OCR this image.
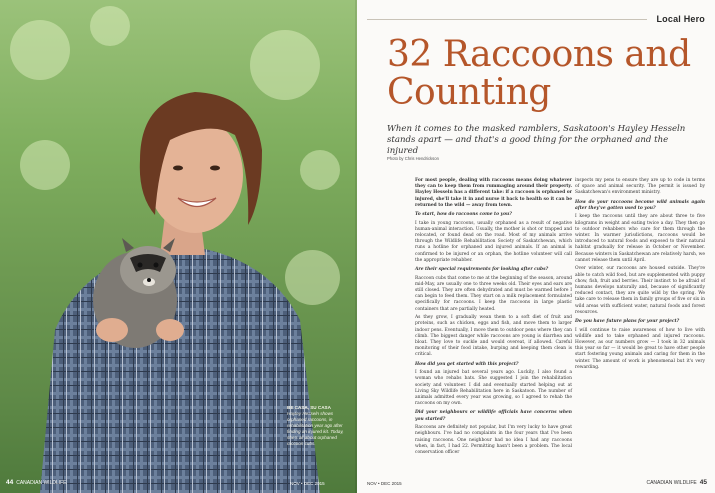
BE CASA, SU CASA
Hayley Hesseln shows orphaned raccoons, in rehabilitation year ago after finding an injured kit. Today, she's all about orphaned raccoon cubs.
44 CANADIAN WILDLIFE	NOV • DEC 2015
Local Hero
32 Raccoons and Counting
When it comes to the masked ramblers, Saskatoon's Hayley Hesseln stands apart — and that's a good thing for the orphaned and the injured
Photo by Chris Hendrickson

For most people, dealing with raccoons means doing whatever they can to keep them from rummaging around their property. Hayley Hesseln has a different take: if a raccoon is orphaned or injured, she'll take it in and nurse it back to health so it can be returned to the wild — away from town.

To start, how do raccoons come to you?

I take in young raccoons, usually orphaned as a result of negative human-animal interaction. Usually, the mother is shot or trapped and relocated, or found dead on the road. Most of my animals arrive through the Wildlife Rehabilitation Society of Saskatchewan, which runs a hotline for orphaned and injured animals. If an animal is confirmed to be injured or an orphan, the hotline volunteer will call the appropriate rehabber.

Are their special requirements for looking after cubs?

Raccoon cubs that come to me at the beginning of the season, around mid-May, are usually one to three weeks old. Their eyes and ears are still closed. They are often dehydrated and must be warmed before I can begin to feed them. They start on a milk replacement formulated specifically for raccoons. I keep the raccoons in large plastic containers that are partially heated.

As they grow, I gradually wean them to a soft diet of fruit and proteins, such as chicken, eggs and fish, and move them to larger indoor pens. Eventually, I move them to outdoor pens where they can climb. The biggest danger while raccoons are young is diarrhea and bloat. They love to suckle and would overeat, if allowed. Careful monitoring of their food intake, burping and keeping them clean is critical.

How did you get started with this project?

I found an injured bat several years ago. Luckily, I also found a woman who rehabs bats. She suggested I join the rehabilitation society and volunteer. I did and eventually started helping out at Living Sky Wildlife Rehabilitation here in Saskatoon. The number of animals admitted every year was growing, so I agreed to rehab the raccoons on my own.

Did your neighbours or wildlife officials have concerns when you started?

Raccoons are definitely not popular, but I'm very lucky to have great neighbours. I've had no complaints in the four years that I've been raising raccoons. One neighbour had no idea I had any raccoons when, in fact, I had 22. Permitting hasn't been a problem. The local conservation officer

inspects my pens to ensure they are up to code in terms of space and animal security. The permit is issued by Saskatchewan's environment ministry.

How do your raccoons become wild animals again after they've gotten used to you?

I keep the raccoons until they are about three to five kilograms in weight and eating twice a day. They then go to outdoor rehabbers who care for them through the winter. In warmer jurisdictions, raccoons would be introduced to natural foods and exposed to their natural habitat gradually for release in October or November. Because winters in Saskatchewan are relatively harsh, we cannot release them until April.

Over winter, our raccoons are housed outside. They're able to catch wild food, but are supplemented with puppy chow, fish, fruit and berries. Their instinct to be afraid of humans develops naturally and, because of significantly reduced contact, they are quite wild by the spring. We take care to release them in family groups of five or six in wild areas with sufficient water, natural foods and forest resources.

Do you have future plans for your project?

I will continue to raise awareness of how to live with wildlife and to take orphaned and injured raccoons. However, as our numbers grow — I took in 32 animals this year so far — it would be great to have other people start fostering young animals and caring for them in the winter. The amount of work is phenomenal but it's very rewarding.

NOV • DEC 2015	CANADIAN WILDLIFE 45
